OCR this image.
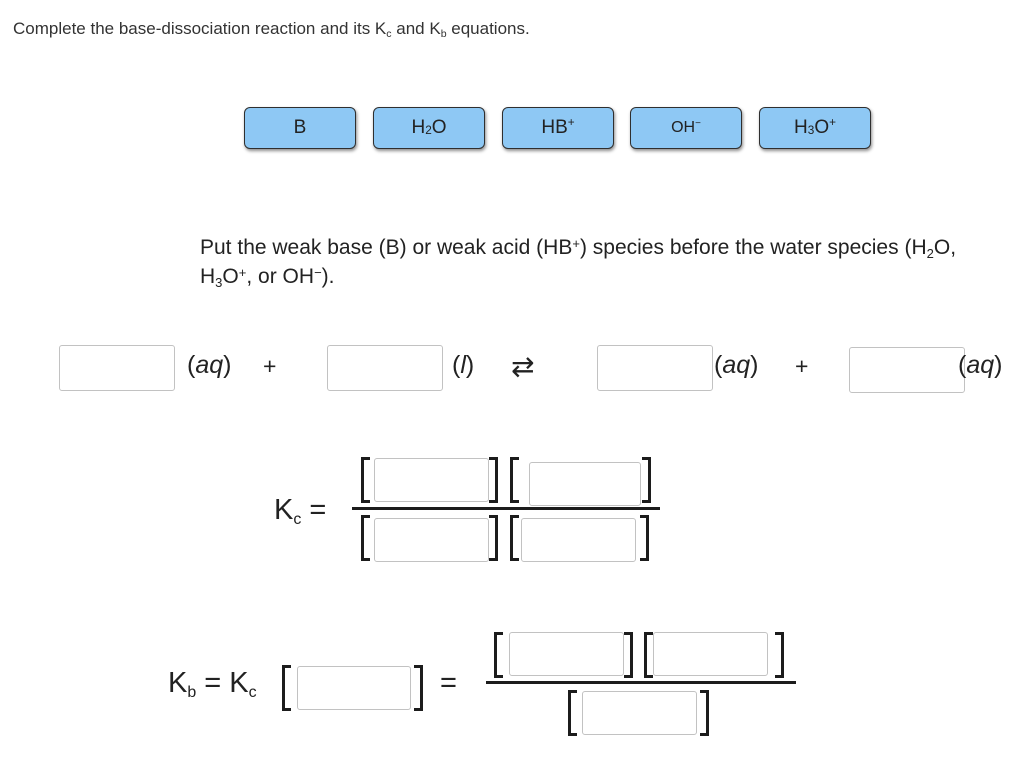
Complete the base-dissociation reaction and its Kc and Kb equations.
B	H 2 O	HB +	OH −	H 3 O +
Put the weak base (B) or weak acid (HB+) species before the water species (H2O, H3O+, or OH−).
(aq) +	(l) ⇄	(aq) +	(aq)
Kc =
Kb = Kc	=
